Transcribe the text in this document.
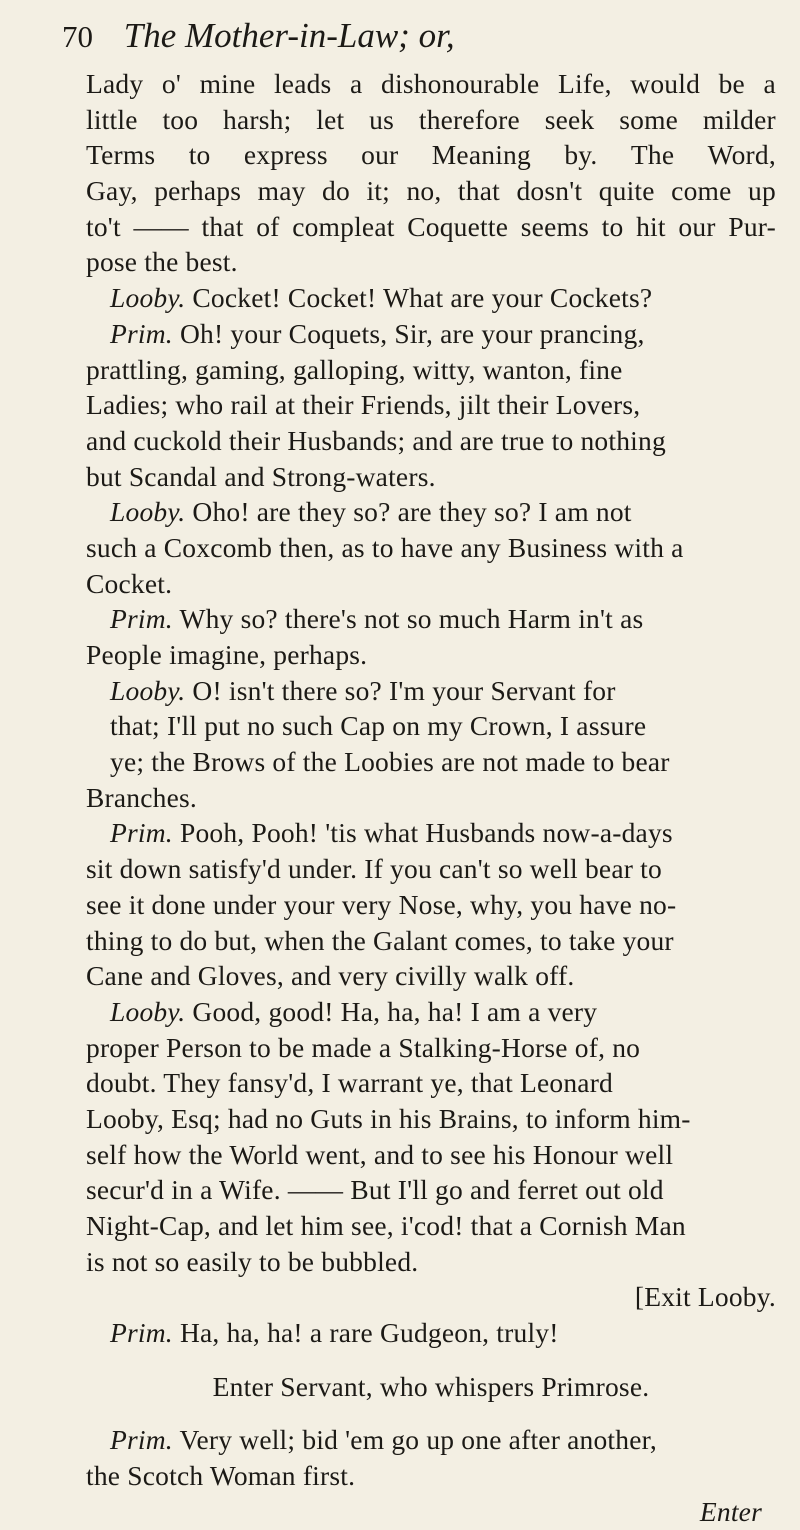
70 The Mother-in-Law; or,
Lady o' mine leads a dishonourable Life, would be a
little too harsh; let us therefore seek some milder
Terms to express our Meaning by. The Word,
Gay, perhaps may do it; no, that dosn't quite come up
to't —— that of compleat Coquette seems to hit our Pur-
pose the best.
Looby. Cocket! Cocket! What are your Cockets?
Prim. Oh! your Coquets, Sir, are your prancing,
prattling, gaming, galloping, witty, wanton, fine
Ladies; who rail at their Friends, jilt their Lovers,
and cuckold their Husbands; and are true to nothing
but Scandal and Strong-waters.
Looby. Oho! are they so? are they so? I am not
such a Coxcomb then, as to have any Business with a
Cocket.
Prim. Why so? there's not so much Harm in't as
People imagine, perhaps.
Looby. O! isn't there so? I'm your Servant for
that; I'll put no such Cap on my Crown, I assure
ye; the Brows of the Loobies are not made to bear
Branches.
Prim. Pooh, Pooh! 'tis what Husbands now-a-days
sit down satisfy'd under. If you can't so well bear to
see it done under your very Nose, why, you have no-
thing to do but, when the Galant comes, to take your
Cane and Gloves, and very civilly walk off.
Looby. Good, good! Ha, ha, ha! I am a very
proper Person to be made a Stalking-Horse of, no
doubt. They fansy'd, I warrant ye, that Leonard
Looby, Esq; had no Guts in his Brains, to inform him-
self how the World went, and to see his Honour well
secur'd in a Wife. —— But I'll go and ferret out old
Night-Cap, and let him see, i'cod! that a Cornish Man
is not so easily to be bubbled.
[Exit Looby.
Prim. Ha, ha, ha! a rare Gudgeon, truly!
Enter Servant, who whispers Primrose.
Prim. Very well; bid 'em go up one after another,
the Scotch Woman first.
Enter
